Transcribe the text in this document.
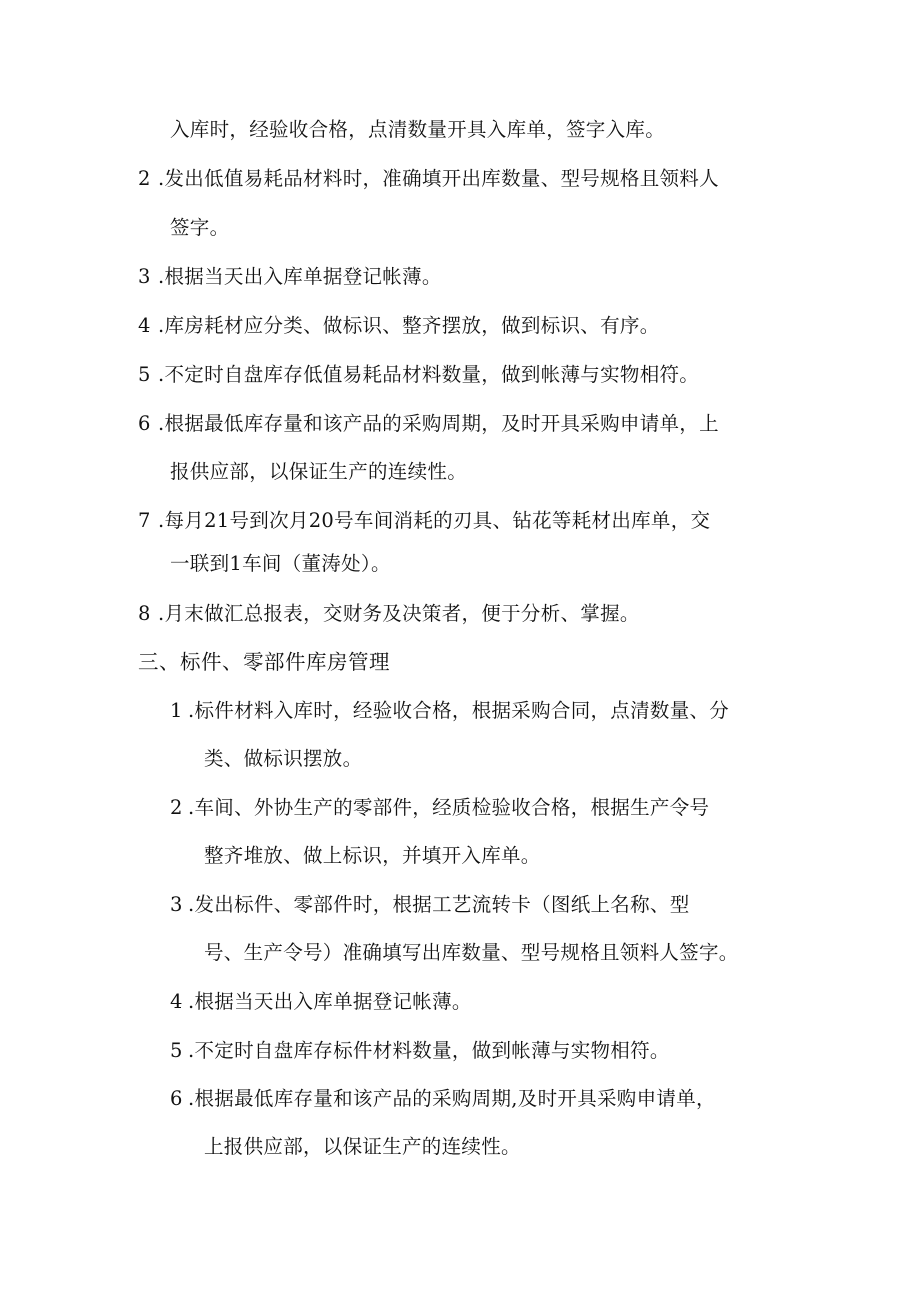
入库时，经验收合格，点清数量开具入库单，签字入库。
2 .发出低值易耗品材料时，准确填开出库数量、型号规格且领料人
签字。
3 .根据当天出入库单据登记帐薄。
4 .库房耗材应分类、做标识、整齐摆放，做到标识、有序。
5 .不定时自盘库存低值易耗品材料数量，做到帐薄与实物相符。
6 .根据最低库存量和该产品的采购周期，及时开具采购申请单，上
报供应部，以保证生产的连续性。
7 .每月21号到次月20号车间消耗的刃具、钻花等耗材出库单，交
一联到1车间（董涛处）。
8 .月末做汇总报表，交财务及决策者，便于分析、掌握。
三、标件、零部件库房管理
1 .标件材料入库时，经验收合格，根据采购合同，点清数量、分
类、做标识摆放。
2 .车间、外协生产的零部件，经质检验收合格，根据生产令号
整齐堆放、做上标识，并填开入库单。
3 .发出标件、零部件时，根据工艺流转卡（图纸上名称、型
号、生产令号）准确填写出库数量、型号规格且领料人签字。
4 .根据当天出入库单据登记帐薄。
5 .不定时自盘库存标件材料数量，做到帐薄与实物相符。
6 .根据最低库存量和该产品的采购周期,及时开具采购申请单，
上报供应部，以保证生产的连续性。
